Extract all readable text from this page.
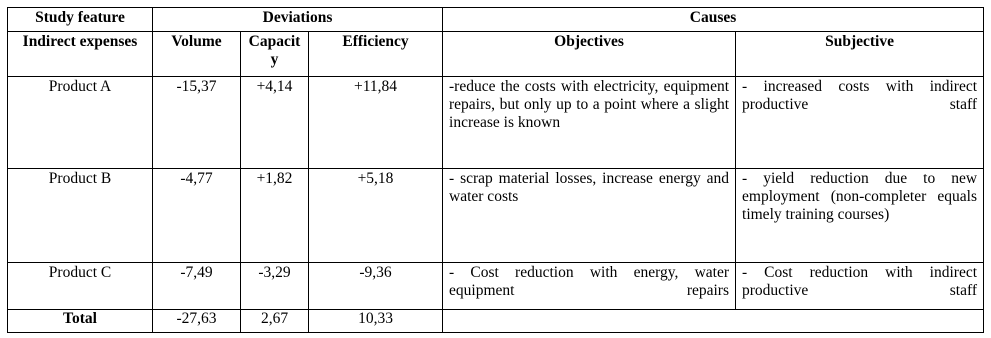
Study feature	Deviations			Causes	
Indirect expenses	Volume	Capacity	Efficiency	Objectives	Subjective
Product A	-15,37	+4,14	+11,84	-reduce the costs with electricity, equipment repairs, but only up to a point where a slight increase is known	- increased costs with indirect productive staff
Product B	-4,77	+1,82	+5,18	- scrap material losses, increase energy and water costs	- yield reduction due to new employment (non-completer equals timely training courses)
Product C	-7,49	-3,29	-9,36	- Cost reduction with energy, water equipment repairs	- Cost reduction with indirect productive staff
Total	-27,63	2,67	10,33		
